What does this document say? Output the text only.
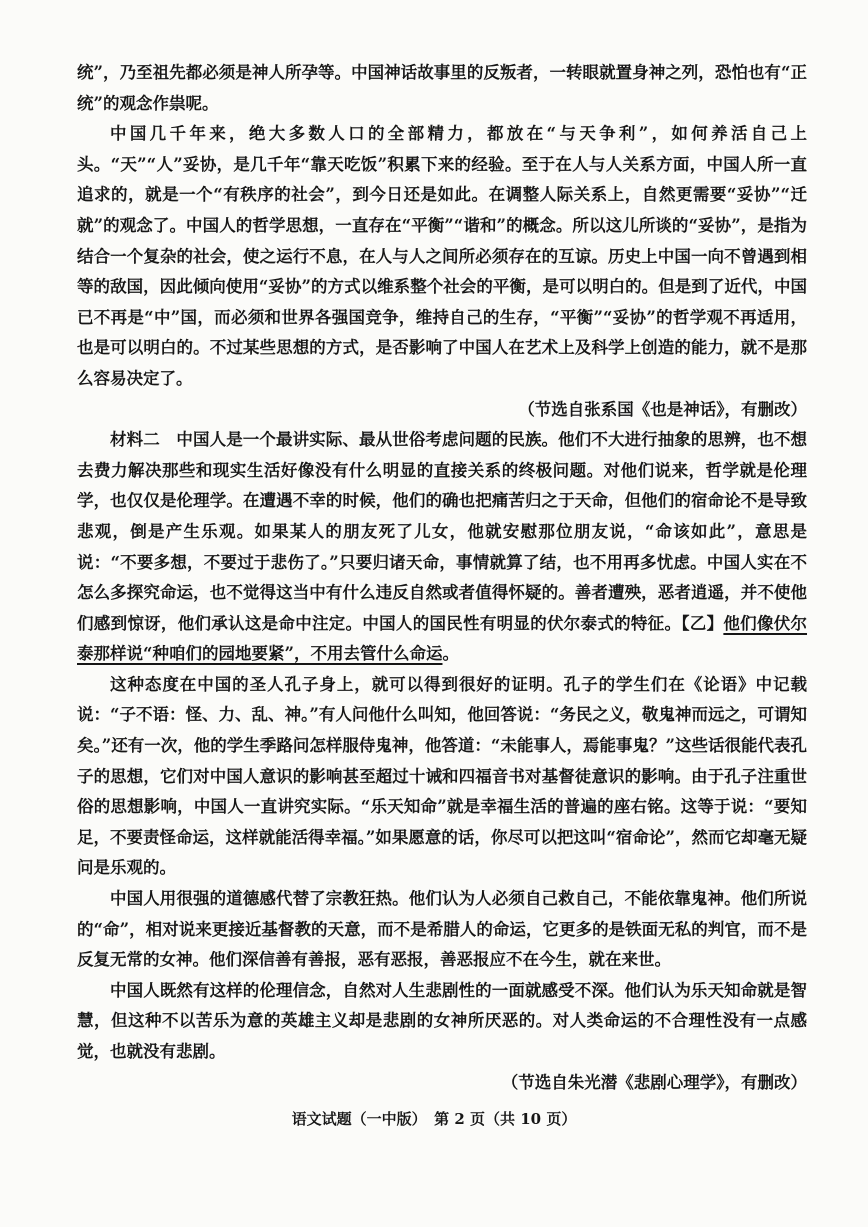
统”，乃至祖先都必须是神人所孕等。中国神话故事里的反叛者，一转眼就置身神之列，恐怕也有“正统”的观念作祟呢。

中国几千年来，绝大多数人口的全部精力，都放在“与天争利”，如何养活自己上头。“天”“人”妥协，是几千年“靠天吃饭”积累下来的经验。至于在人与人关系方面，中国人所一直追求的，就是一个“有秩序的社会”，到今日还是如此。在调整人际关系上，自然更需要“妥协”“迁就”的观念了。中国人的哲学思想，一直存在“平衡”“谐和”的概念。所以这儿所谈的“妥协”，是指为结合一个复杂的社会，使之运行不息，在人与人之间所必须存在的互谅。历史上中国一向不曾遇到相等的敌国，因此倾向使用“妥协”的方式以维系整个社会的平衡，是可以明白的。但是到了近代，中国已不再是“中”国，而必须和世界各强国竞争，维持自己的生存，“平衡”“妥协”的哲学观不再适用，也是可以明白的。不过某些思想的方式，是否影响了中国人在艺术上及科学上创造的能力，就不是那么容易决定了。

（节选自张系国《也是神话》，有删改）

材料二　 中国人是一个最讲实际、最从世俗考虑问题的民族。他们不大进行抽象的思辨，也不想去费力解决那些和现实生活好像没有什么明显的直接关系的终极问题。对他们说来，哲学就是伦理学，也仅仅是伦理学。在遭遇不幸的时候，他们的确也把痛苦归之于天命，但他们的宿命论不是导致悲观，倒是产生乐观。如果某人的朋友死了儿女，他就安慰那位朋友说，“命该如此”，意思是说：“不要多想，不要过于悲伤了。”只要归诸天命，事情就算了结，也不用再多忧虑。中国人实在不怎么多探究命运，也不觉得这当中有什么违反自然或者值得怀疑的。善者遭殃，恶者逍遥，并不使他们感到惊讶，他们承认这是命中注定。中国人的国民性有明显的伏尔泰式的特征。【乙】他们像伏尔泰那样说“种咱们的园地要紧”，不用去管什么命运。

这种态度在中国的圣人孔子身上，就可以得到很好的证明。孔子的学生们在《论语》中记载说：“子不语：怪、力、乱、神。”有人问他什么叫知，他回答说：“务民之义，敬鬼神而远之，可谓知矣。”还有一次，他的学生季路问怎样服侍鬼神，他答道：“未能事人，焉能事鬼？”这些话很能代表孔子的思想，它们对中国人意识的影响甚至超过十诫和四福音书对基督徒意识的影响。由于孔子注重世俗的思想影响，中国人一直讲究实际。“乐天知命”就是幸福生活的普遍的座右铭。这等于说：“要知足，不要责怪命运，这样就能活得幸福。”如果愿意的话，你尽可以把这叫“宿命论”，然而它却毫无疑问是乐观的。

中国人用很强的道德感代替了宗教狂热。他们认为人必须自己救自己，不能依靠鬼神。他们所说的“命”，相对说来更接近基督教的天意，而不是希腊人的命运，它更多的是铁面无私的判官，而不是反复无常的女神。他们深信善有善报，恶有恶报，善恶报应不在今生，就在来世。

中国人既然有这样的伦理信念，自然对人生悲剧性的一面就感受不深。他们认为乐天知命就是智慧，但这种不以苦乐为意的英雄主义却是悲剧的女神所厌恶的。对人类命运的不合理性没有一点感觉，也就没有悲剧。

（节选自朱光潜《悲剧心理学》，有删改）

语文试题（一中版）　第 2 页（共 10 页）
